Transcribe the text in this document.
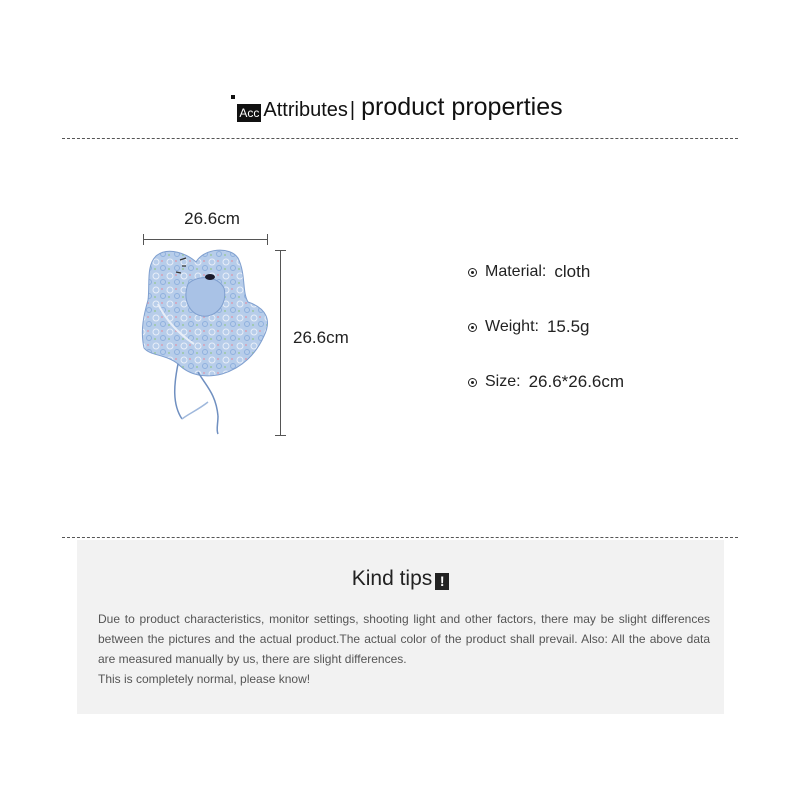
Acc Attributes | product properties
26.6cm
26.6cm
Material: cloth
Weight: 15.5g
Size: 26.6*26.6cm
Kind tips !
Due to product characteristics, monitor settings, shooting light and other factors, there may be slight differences between the pictures and the actual product.The actual color of the product shall prevail. Also: All the above data are measured manually by us, there are slight differences.
This is completely normal, please know!
